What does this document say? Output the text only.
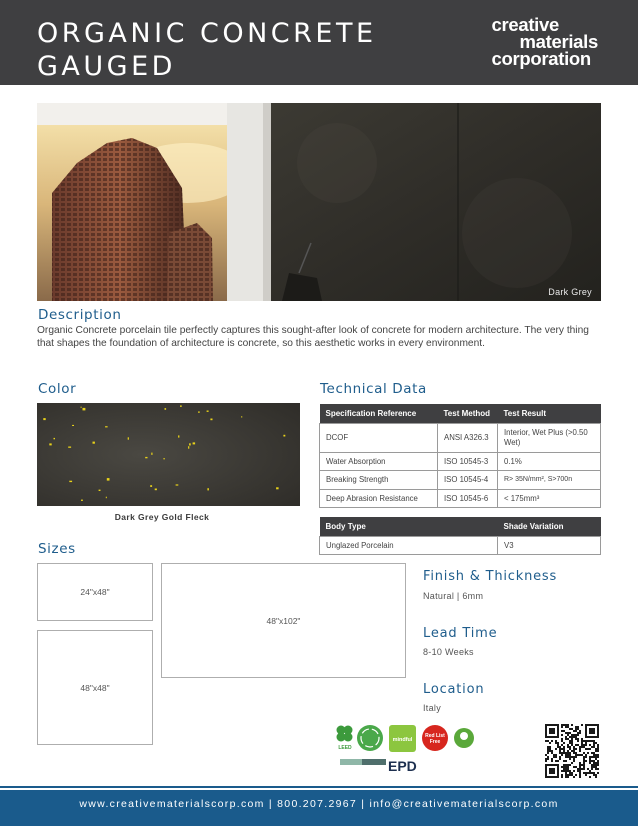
ORGANIC CONCRETE
GAUGED
creative
materials
corporation
Dark Grey
Description
Organic Concrete porcelain tile perfectly captures this sought-after look of concrete for modern architecture. The very thing that shapes the foundation of architecture is concrete, so this aesthetic works in every environment.
Color
Dark Grey Gold Fleck
Technical Data
Specification Reference	Test Method	Test Result
DCOF	ANSI A326.3	Interior, Wet Plus (>0.50 Wet)
Water Absorption	ISO 10545-3	0.1%
Breaking Strength	ISO 10545-4	R> 35N/mm², S>700n
Deep Abrasion Resistance	ISO 10545-6	< 175mm³
Body Type	Shade Variation
Unglazed Porcelain	V3
Sizes
24"x48"
48"x102"
48"x48"
Finish & Thickness
Natural | 6mm
Lead Time
8-10 Weeks
Location
Italy
LEED
mindful
Red List
Free
EPD
www.creativematerialscorp.com | 800.207.2967 | info@creativematerialscorp.com
